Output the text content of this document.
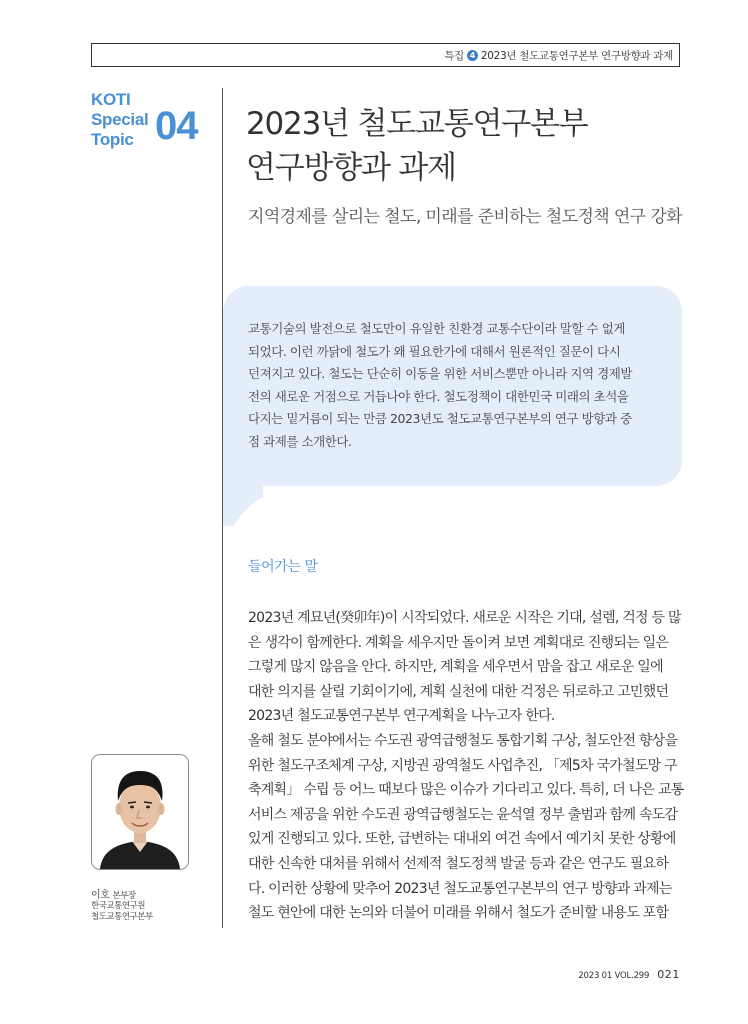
특집 4 2023년 철도교통연구본부 연구방향과 과제
KOTI
Special
Topic 04 2023년 철도교통연구본부
연구방향과 과제
지역경제를 살리는 철도, 미래를 준비하는 철도정책 연구 강화
교통기술의 발전으로 철도만이 유일한 친환경 교통수단이라 말할 수 없게
되었다. 이런 까닭에 철도가 왜 필요한가에 대해서 원론적인 질문이 다시
던져지고 있다. 철도는 단순히 이동을 위한 서비스뿐만 아니라 지역 경제발
전의 새로운 거점으로 거듭나야 한다. 철도정책이 대한민국 미래의 초석을
다지는 밑거름이 되는 만큼 2023년도 철도교통연구본부의 연구 방향과 중
점 과제를 소개한다.
들어가는 말
2023년 계묘년(癸卯年)이 시작되었다. 새로운 시작은 기대, 설렘, 걱정 등 많
은 생각이 함께한다. 계획을 세우지만 돌이켜 보면 계획대로 진행되는 일은
그렇게 많지 않음을 안다. 하지만, 계획을 세우면서 맘을 잡고 새로운 일에
대한 의지를 살릴 기회이기에, 계획 실천에 대한 걱정은 뒤로하고 고민했던
2023년 철도교통연구본부 연구계획을 나누고자 한다.
올해 철도 분야에서는 수도권 광역급행철도 통합기획 구상, 철도안전 향상을
위한 철도구조체계 구상, 지방권 광역철도 사업추진, 「제5차 국가철도망 구
축계획」 수립 등 어느 때보다 많은 이슈가 기다리고 있다. 특히, 더 나은 교통
서비스 제공을 위한 수도권 광역급행철도는 윤석열 정부 출범과 함께 속도감
있게 진행되고 있다. 또한, 급변하는 대내외 여건 속에서 예기치 못한 상황에
대한 신속한 대처를 위해서 선제적 철도정책 발굴 등과 같은 연구도 필요하
다. 이러한 상황에 맞추어 2023년 철도교통연구본부의 연구 방향과 과제는
철도 현안에 대한 논의와 더불어 미래를 위해서 철도가 준비할 내용도 포함
이호 본부장
한국교통연구원
철도교통연구본부
2023 01 VOL.299 021
